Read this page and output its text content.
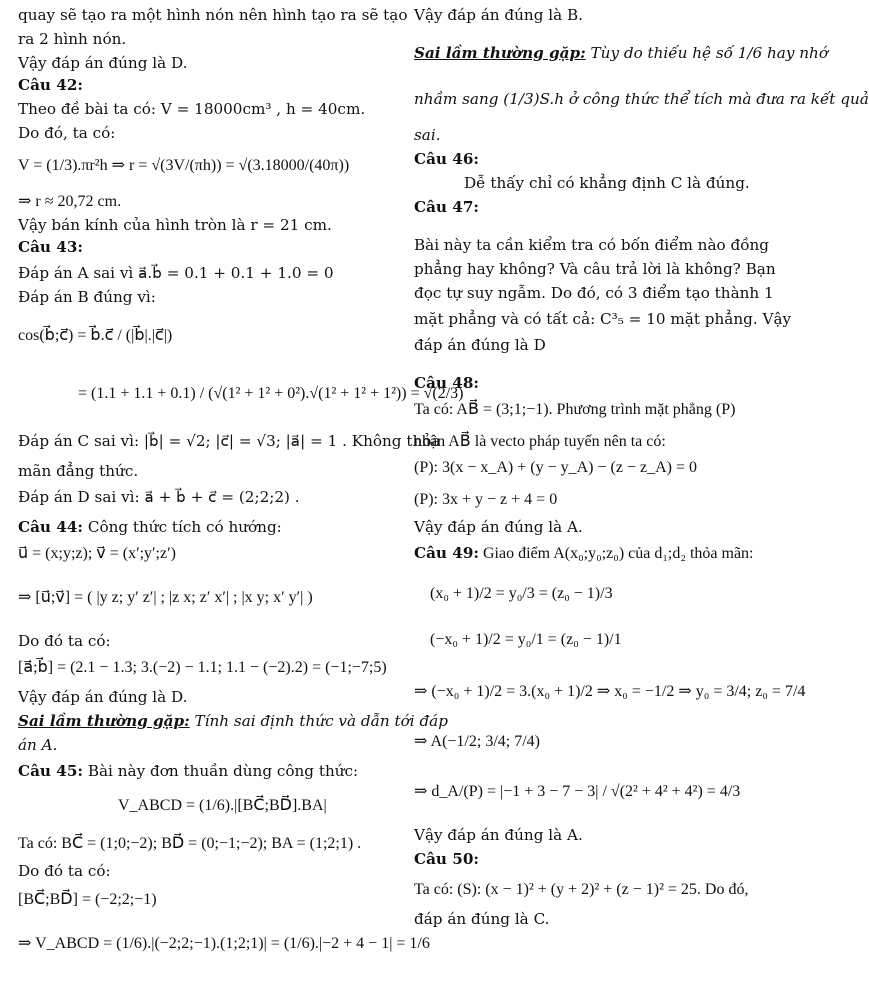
quay sẽ tạo ra một hình nón nên hình tạo ra sẽ tạo
ra 2 hình nón.
Vậy đáp án đúng là D.
Câu 42:
Theo đề bài ta có: V = 18000cm³ , h = 40cm.
Do đó, ta có:
V = (1/3).πr²h ⇒ r = √(3V/(πh)) = √(3.18000/(40π))
⇒ r ≈ 20,72 cm.
Vậy bán kính của hình tròn là r = 21 cm.
Câu 43:
Đáp án A sai vì a⃗.b⃗ = 0.1 + 0.1 + 1.0 = 0
Đáp án B đúng vì:
cos(b⃗;c⃗) = b⃗.c⃗ / (|b⃗|.|c⃗|)
= (1.1 + 1.1 + 0.1) / (√(1² + 1² + 0²).√(1² + 1² + 1²)) = √(2/3)
Đáp án C sai vì: |b⃗| = √2; |c⃗| = √3; |a⃗| = 1 . Không thỏa
mãn đẳng thức.
Đáp án D sai vì: a⃗ + b⃗ + c⃗ = (2;2;2) .
Câu 44: Công thức tích có hướng:
u⃗ = (x;y;z); v⃗ = (x′;y′;z′)
⇒ [u⃗;v⃗] = ( |y z; y′ z′| ; |z x; z′ x′| ; |x y; x′ y′| )
Do đó ta có:
[a⃗;b⃗] = (2.1 − 1.3; 3.(−2) − 1.1; 1.1 − (−2).2) = (−1;−7;5)
Vậy đáp án đúng là D.
Sai lầm thường gặp: Tính sai định thức và dẫn tới đáp
án A.
Câu 45: Bài này đơn thuần dùng công thức:
V_ABCD = (1/6).|[BC⃗;BD⃗].BA|
Ta có: BC⃗ = (1;0;−2); BD⃗ = (0;−1;−2); BA = (1;2;1) .
Do đó ta có:
[BC⃗;BD⃗] = (−2;2;−1)
⇒ V_ABCD = (1/6).|(−2;2;−1).(1;2;1)| = (1/6).|−2 + 4 − 1| = 1/6
Vậy đáp án đúng là B.
Sai lầm thường gặp: Tùy do thiếu hệ số 1/6 hay nhớ
nhầm sang (1/3)S.h ở công thức thể tích mà đưa ra kết quả
sai.
Câu 46:
Dễ thấy chỉ có khẳng định C là đúng.
Câu 47:
Bài này ta cần kiểm tra có bốn điểm nào đồng
phẳng hay không? Và câu trả lời là không? Bạn
đọc tự suy ngẫm. Do đó, có 3 điểm tạo thành 1
mặt phẳng và có tất cả: C³₅ = 10 mặt phẳng. Vậy
đáp án đúng là D
Câu 48:
Ta có: AB⃗ = (3;1;−1). Phương trình mặt phẳng (P)
nhận AB⃗ là vecto pháp tuyến nên ta có:
(P): 3(x − x_A) + (y − y_A) − (z − z_A) = 0
(P): 3x + y − z + 4 = 0
Vậy đáp án đúng là A.
Câu 49: Giao điểm A(x₀;y₀;z₀) của d₁;d₂ thỏa mãn:
(x₀ + 1)/2 = y₀/3 = (z₀ − 1)/3
(−x₀ + 1)/2 = y₀/1 = (z₀ − 1)/1
⇒ (−x₀ + 1)/2 = 3.(x₀ + 1)/2 ⇒ x₀ = −1/2 ⇒ y₀ = 3/4; z₀ = 7/4
⇒ A(−1/2; 3/4; 7/4)
⇒ d_A/(P) = |−1 + 3 − 7 − 3| / √(2² + 4² + 4²) = 4/3
Vậy đáp án đúng là A.
Câu 50:
Ta có: (S): (x − 1)² + (y + 2)² + (z − 1)² = 25. Do đó,
đáp án đúng là C.
